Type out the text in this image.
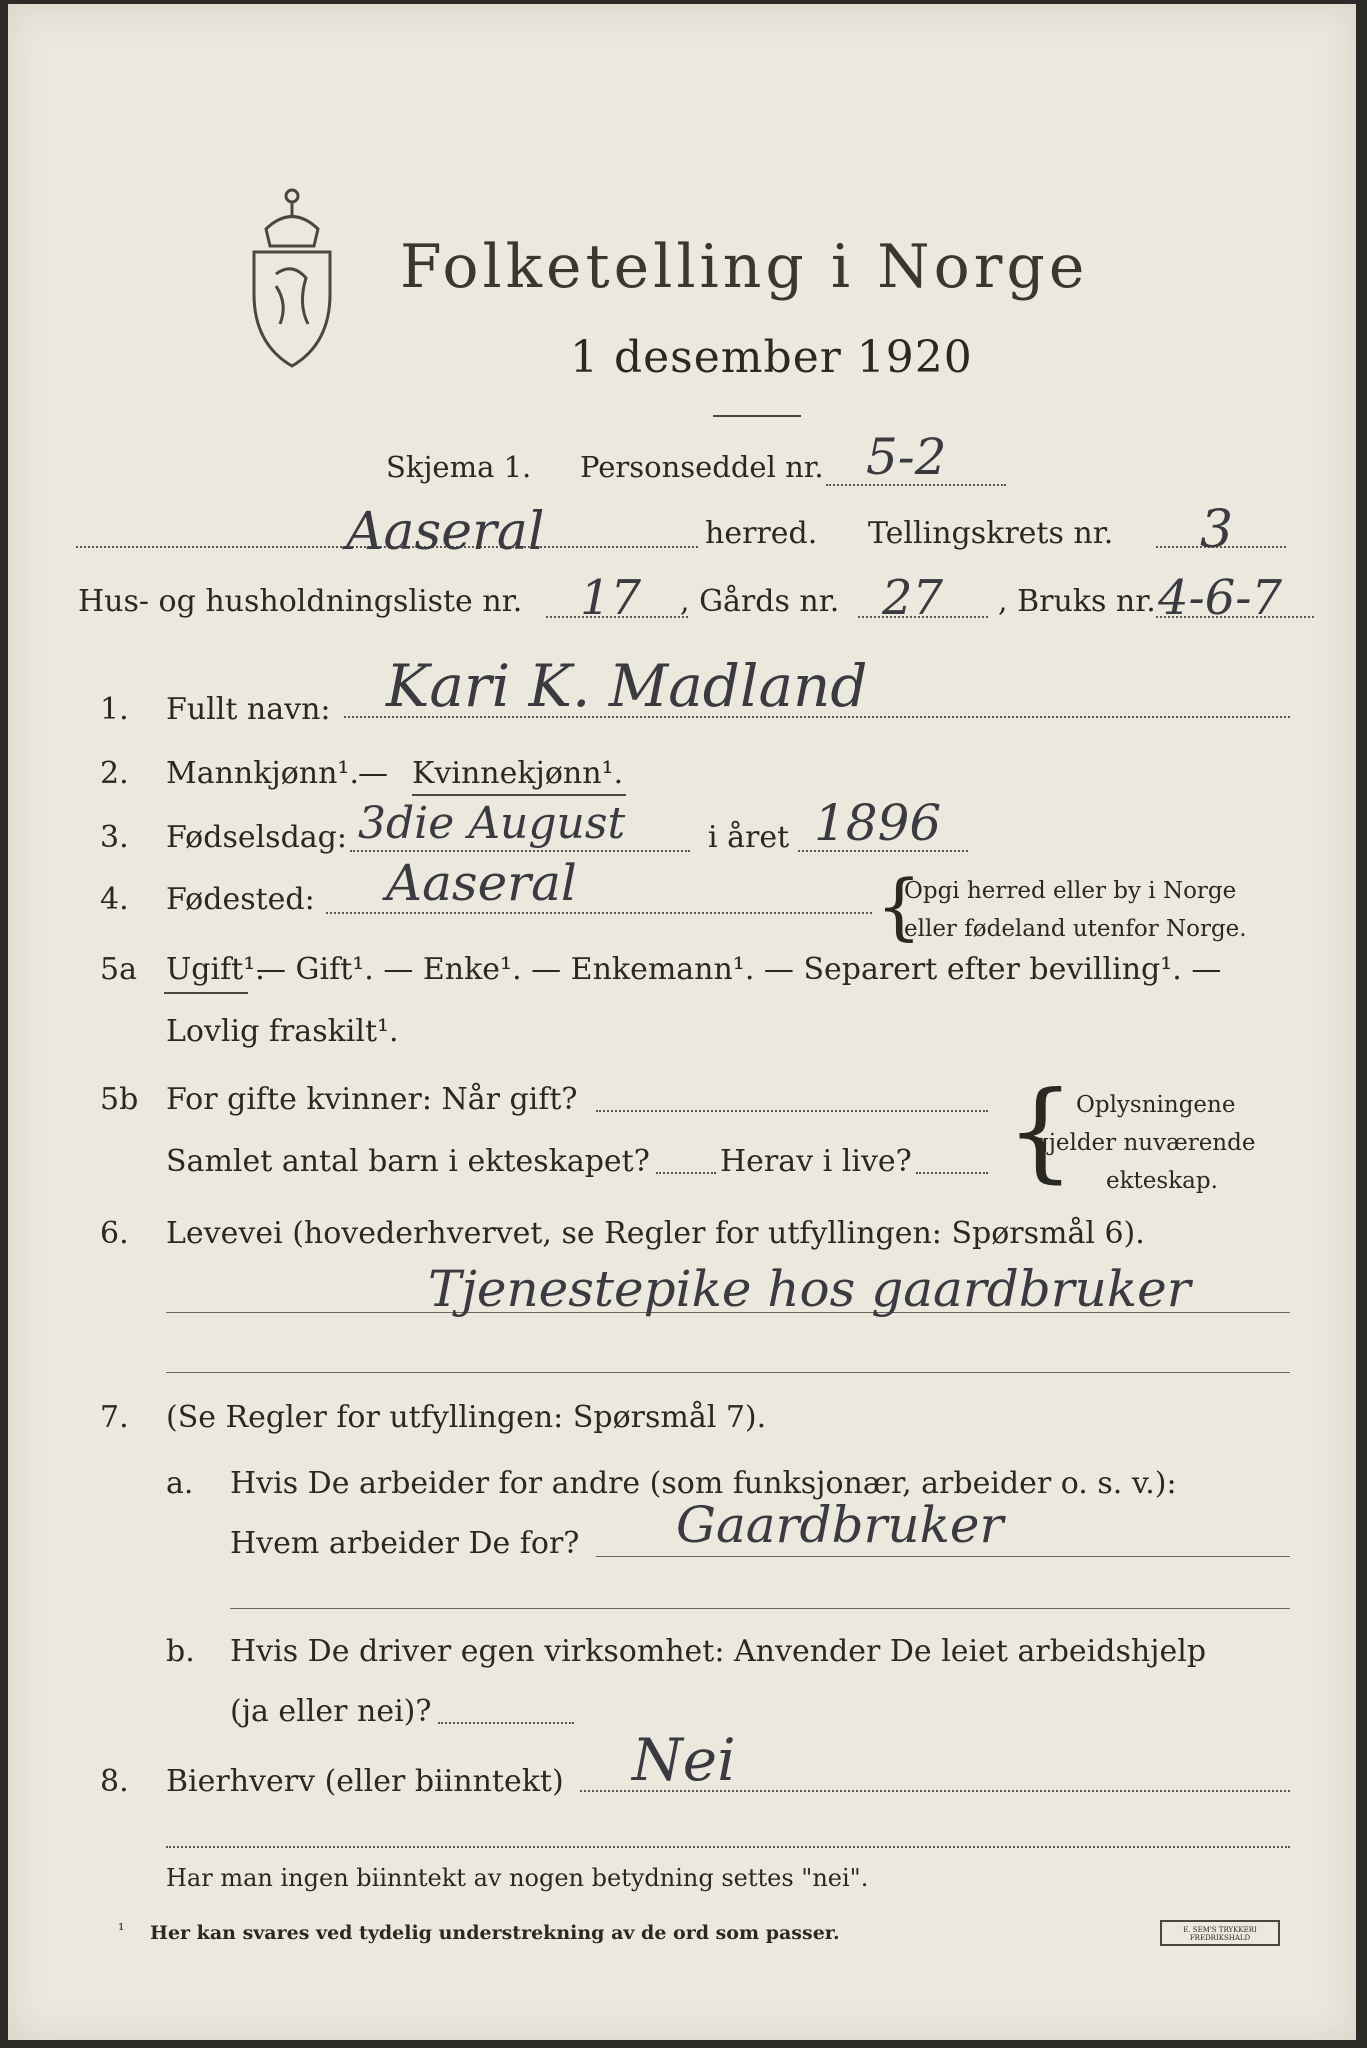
Folketelling i Norge
1 desember 1920
Skjema 1. Personseddel nr. 5-2
Aaseral	herred. Tellingskrets nr. 3
Hus- og husholdningsliste nr. 17 , Gårds nr. 27 , Bruks nr. 4-6-7
1. Fullt navn: Kari K. Madland
2. Mannkjønn¹. — Kvinnekjønn¹.
3. Fødselsdag: 3die August	i året 1896
4. Fødested: Aaseral	{
Opgi herred eller by i Norge
eller fødeland utenfor Norge.
5a Ugift¹.
— Gift¹. — Enke¹. — Enkemann¹. — Separert efter bevilling¹. —
Lovlig fraskilt¹.
5b For gifte kvinner: Når gift?
Samlet antal barn i ekteskapet? Herav i live? { Oplysningene
gjelder nuværende
ekteskap.
6. Levevei (hovederhvervet, se Regler for utfyllingen: Spørsmål 6).
Tjenestepike hos gaardbruker
7. (Se Regler for utfyllingen: Spørsmål 7).
a. Hvis De arbeider for andre (som funksjonær, arbeider o. s. v.):
Hvem arbeider De for? Gaardbruker
b. Hvis De driver egen virksomhet: Anvender De leiet arbeidshjelp
(ja eller nei)?
8. Bierhverv (eller biinntekt) Nei
Har man ingen biinntekt av nogen betydning settes "nei".
¹ Her kan svares ved tydelig understrekning av de ord som passer.	E. SEM'S TRYKKERI FREDRIKSHALD
